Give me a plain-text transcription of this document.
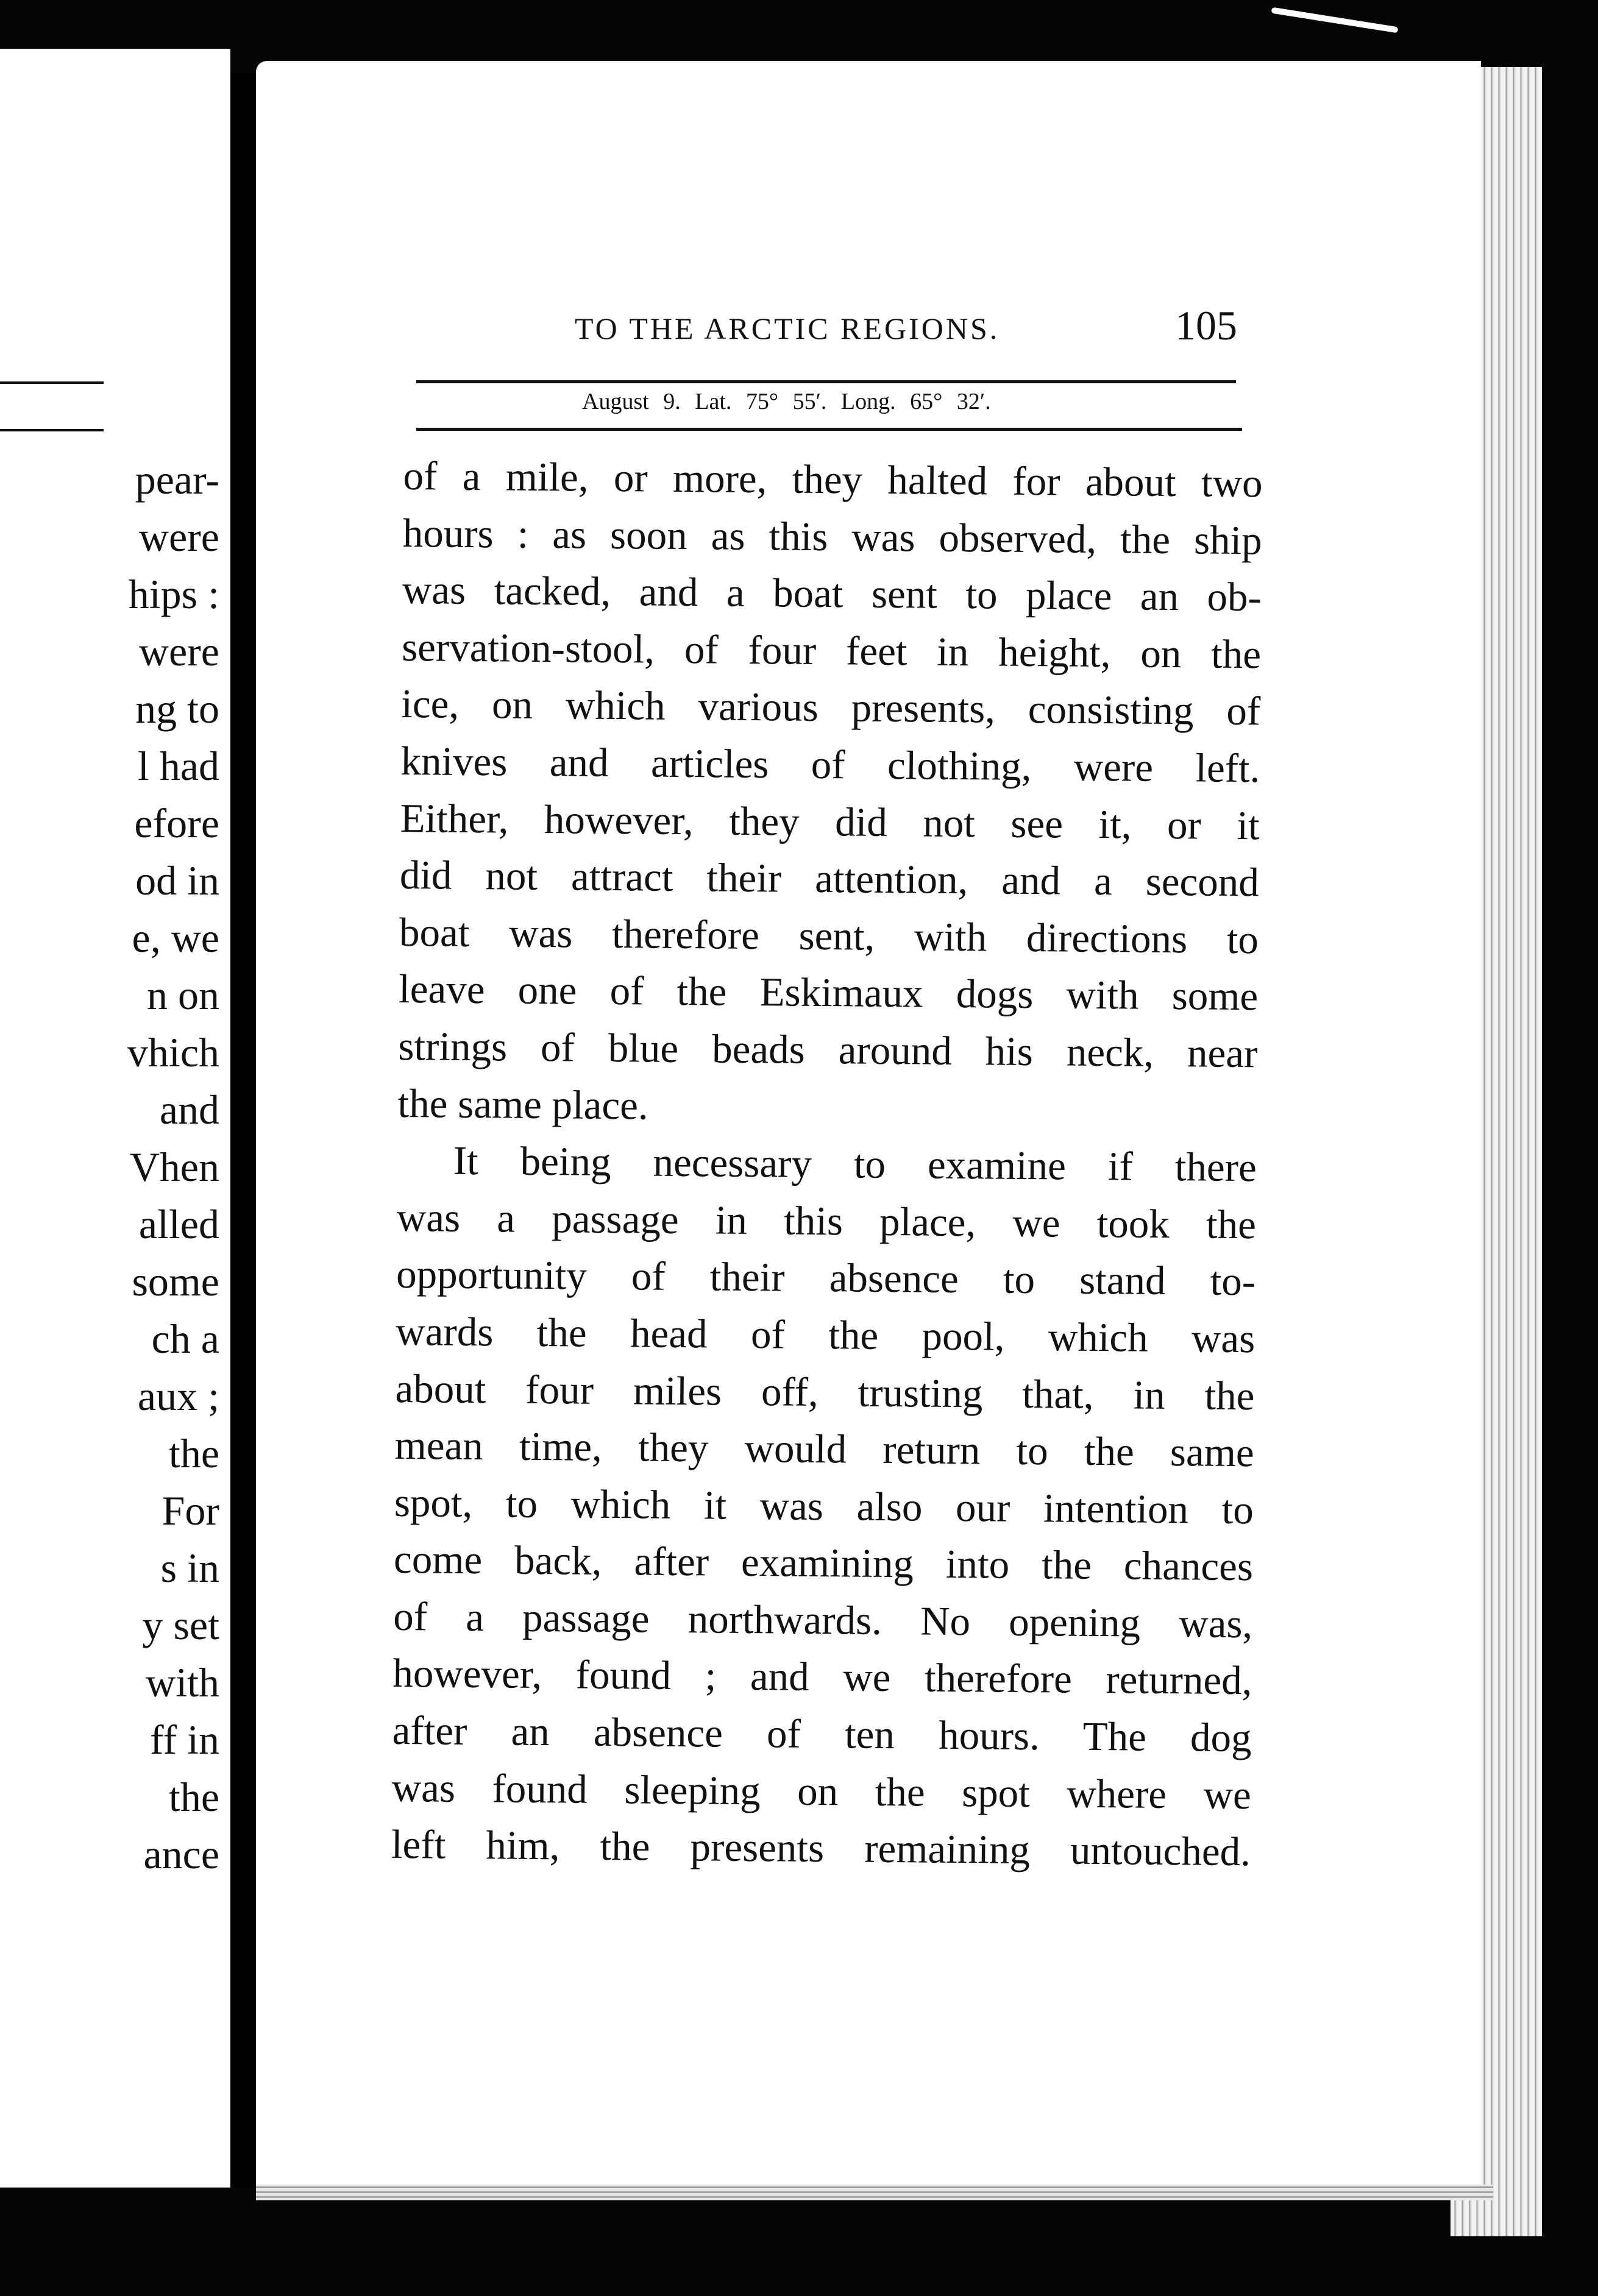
pear-
were
hips :
were
ng to
l had
efore
od in
e, we
n on
vhich
and
Vhen
alled
some
ch a
aux ;
the
For
s in
y set
with
ff in
the
ance
TO THE ARCTIC REGIONS.	105
August 9. Lat. 75° 55′. Long. 65° 32′.
of a mile, or more, they halted for about two
hours : as soon as this was observed, the ship
was tacked, and a boat sent to place an ob-
servation-stool, of four feet in height, on the
ice, on which various presents, consisting of
knives and articles of clothing, were left.
Either, however, they did not see it, or it
did not attract their attention, and a second
boat was therefore sent, with directions to
leave one of the Eskimaux dogs with some
strings of blue beads around his neck, near
the same place.
It being necessary to examine if there
was a passage in this place, we took the
opportunity of their absence to stand to-
wards the head of the pool, which was
about four miles off, trusting that, in the
mean time, they would return to the same
spot, to which it was also our intention to
come back, after examining into the chances
of a passage northwards. No opening was,
however, found ; and we therefore returned,
after an absence of ten hours. The dog
was found sleeping on the spot where we
left him, the presents remaining untouched.
